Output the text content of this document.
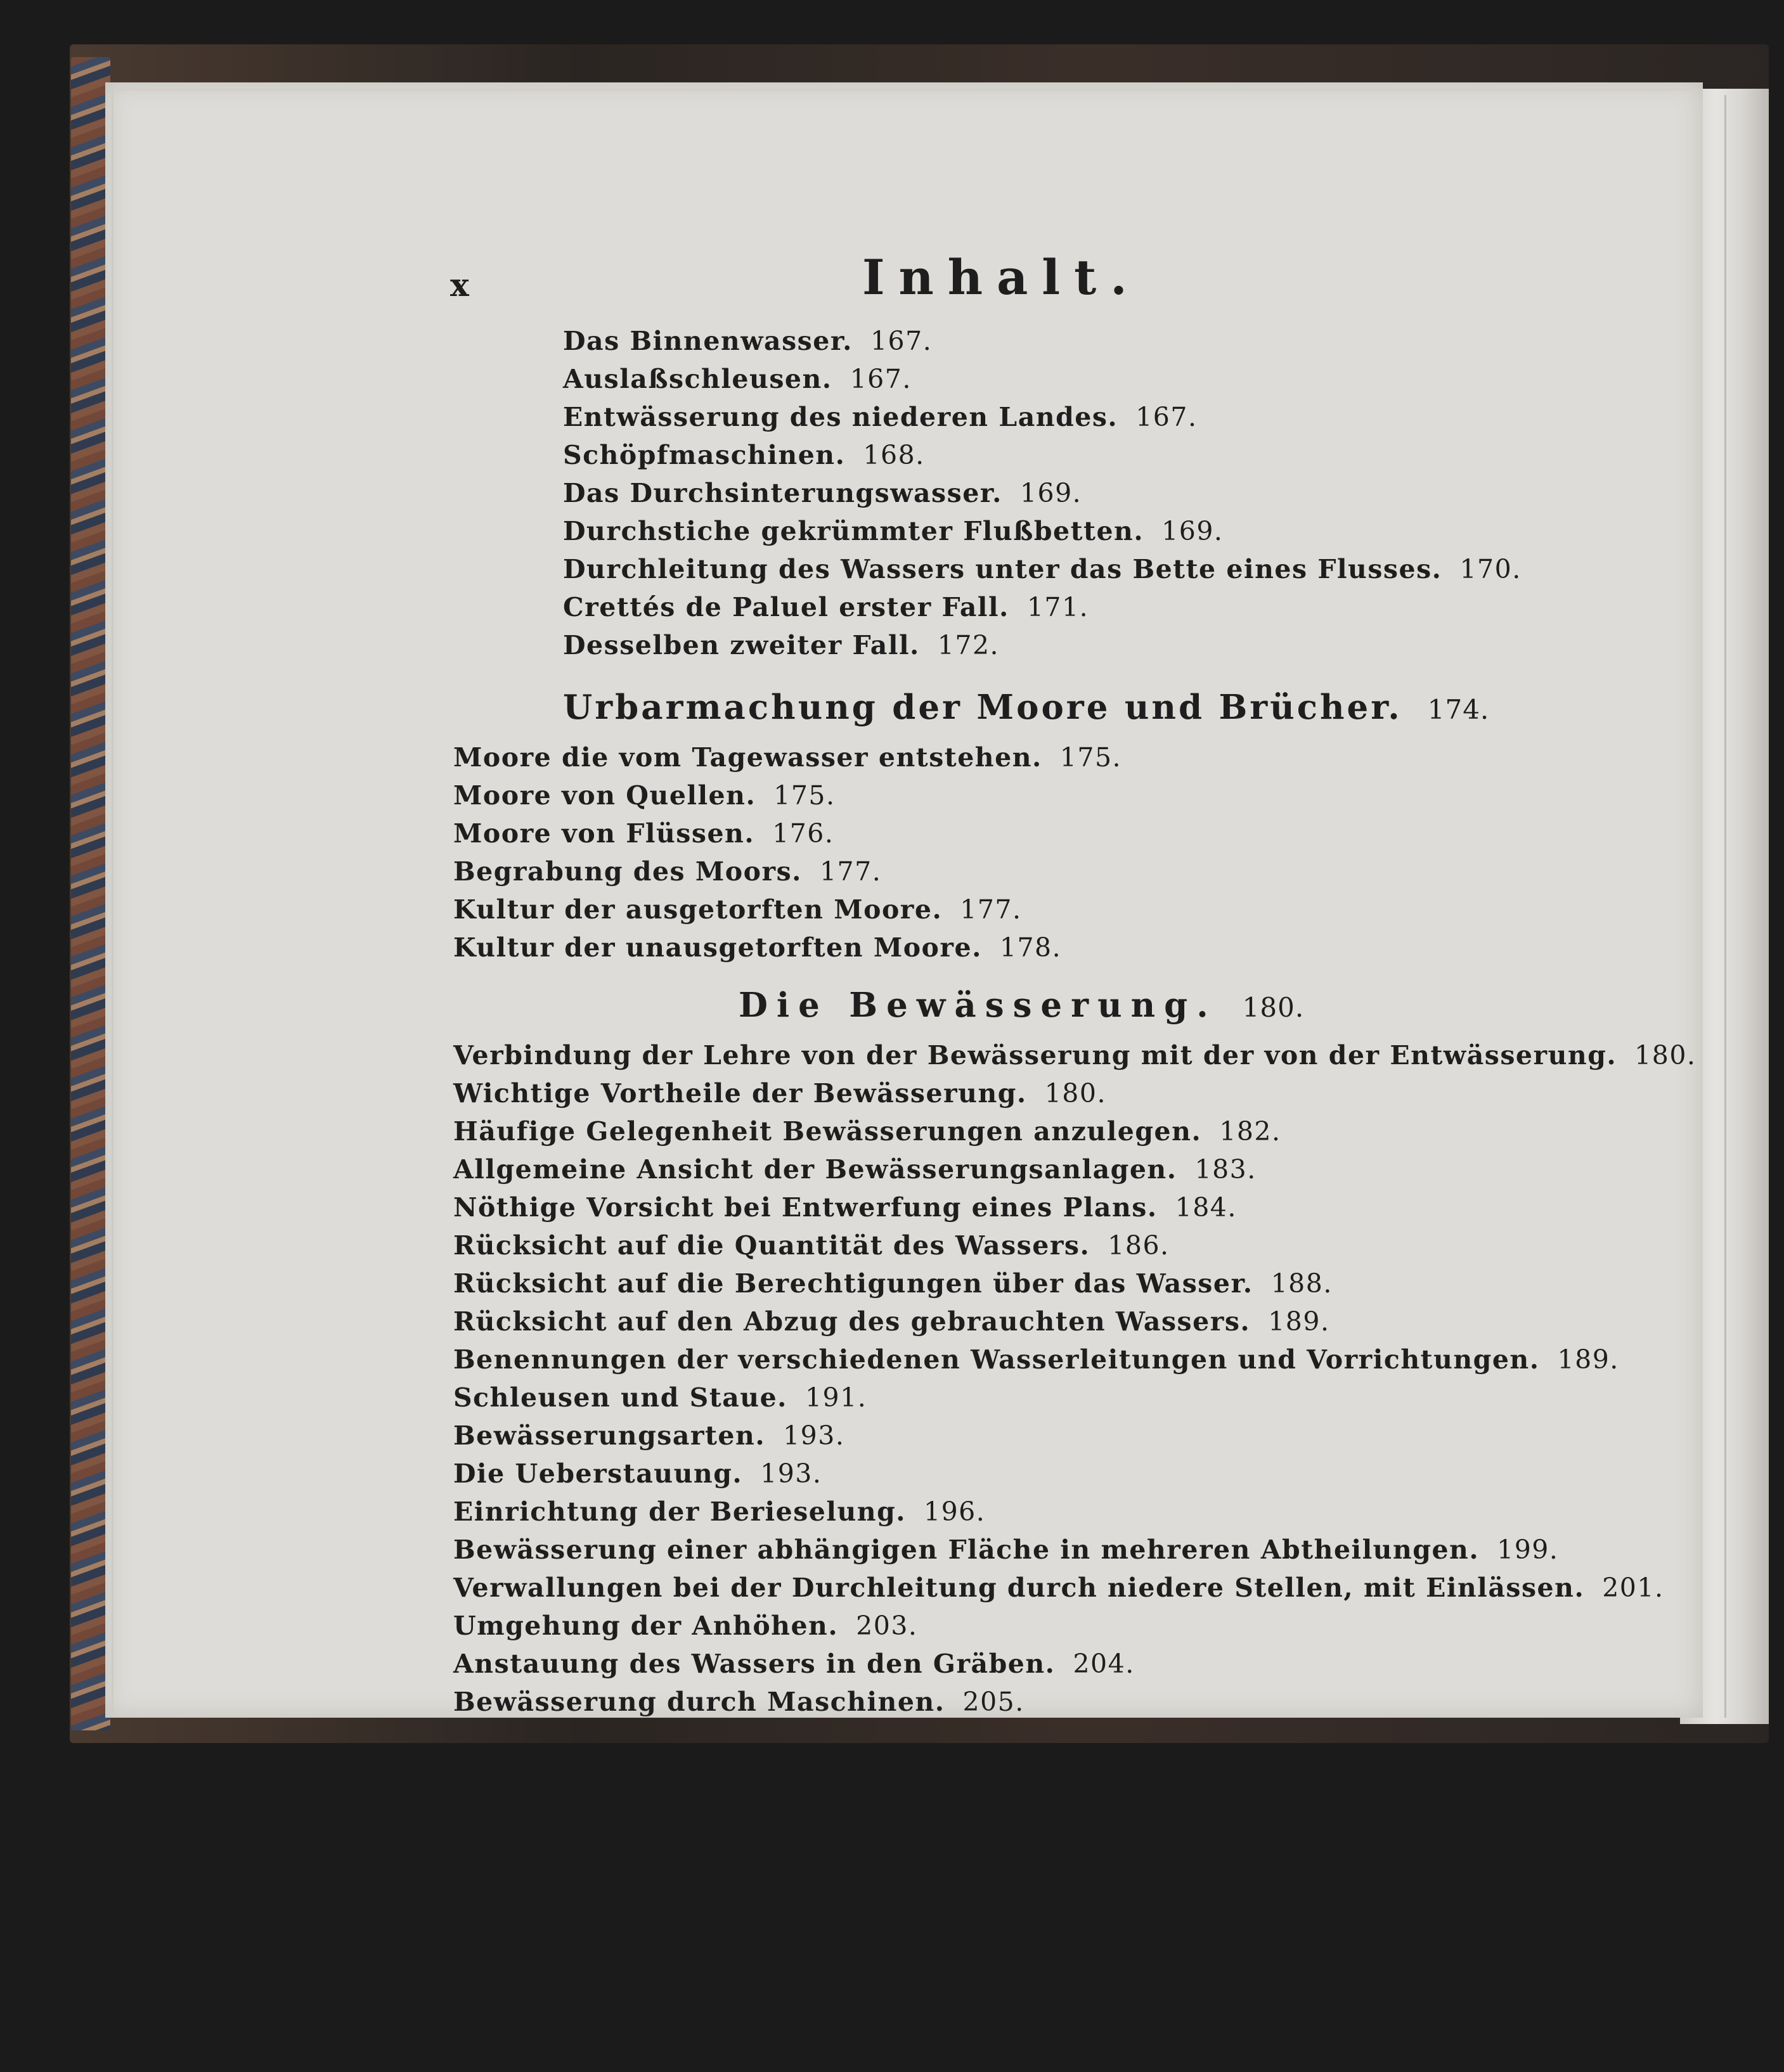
x	Inhalt.
Das Binnenwasser. 167.
Auslaßschleusen. 167.
Entwässerung des niederen Landes. 167.
Schöpfmaschinen. 168.
Das Durchsinterungswasser. 169.
Durchstiche gekrümmter Flußbetten. 169.
Durchleitung des Wassers unter das Bette eines Flusses. 170.
Crettés de Paluel erster Fall. 171.
Desselben zweiter Fall. 172.
Urbarmachung der Moore und Brücher. 174.
Moore die vom Tagewasser entstehen. 175.
Moore von Quellen. 175.
Moore von Flüssen. 176.
Begrabung des Moors. 177.
Kultur der ausgetorften Moore. 177.
Kultur der unausgetorften Moore. 178.
Die Bewässerung. 180.
Verbindung der Lehre von der Bewässerung mit der von der Entwässerung. 180.
Wichtige Vortheile der Bewässerung. 180.
Häufige Gelegenheit Bewässerungen anzulegen. 182.
Allgemeine Ansicht der Bewässerungsanlagen. 183.
Nöthige Vorsicht bei Entwerfung eines Plans. 184.
Rücksicht auf die Quantität des Wassers. 186.
Rücksicht auf die Berechtigungen über das Wasser. 188.
Rücksicht auf den Abzug des gebrauchten Wassers. 189.
Benennungen der verschiedenen Wasserleitungen und Vorrichtungen. 189.
Schleusen und Staue. 191.
Bewässerungsarten. 193.
Die Ueberstauung. 193.
Einrichtung der Berieselung. 196.
Bewässerung einer abhängigen Fläche in mehreren Abtheilungen. 199.
Verwallungen bei der Durchleitung durch niedere Stellen, mit Einlässen. 201.
Umgehung der Anhöhen. 203.
Anstauung des Wassers in den Gräben. 204.
Bewässerung durch Maschinen. 205.
